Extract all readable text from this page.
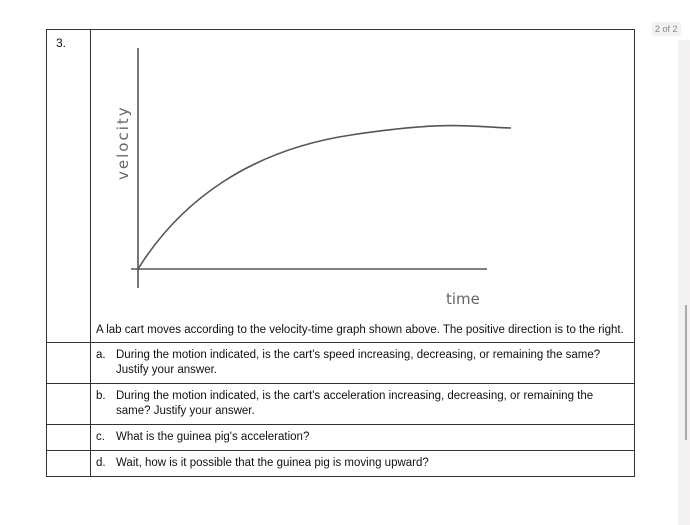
2 of 2
3.	velocity
time
A lab cart moves according to the velocity-time graph shown above. The positive direction is to the right.

	a. During the motion indicated, is the cart's speed increasing, decreasing, or remaining the same? Justify your answer.

	b. During the motion indicated, is the cart's acceleration increasing, decreasing, or remaining the same? Justify your answer.

	c. What is the guinea pig's acceleration?

	d. Wait, how is it possible that the guinea pig is moving upward?
